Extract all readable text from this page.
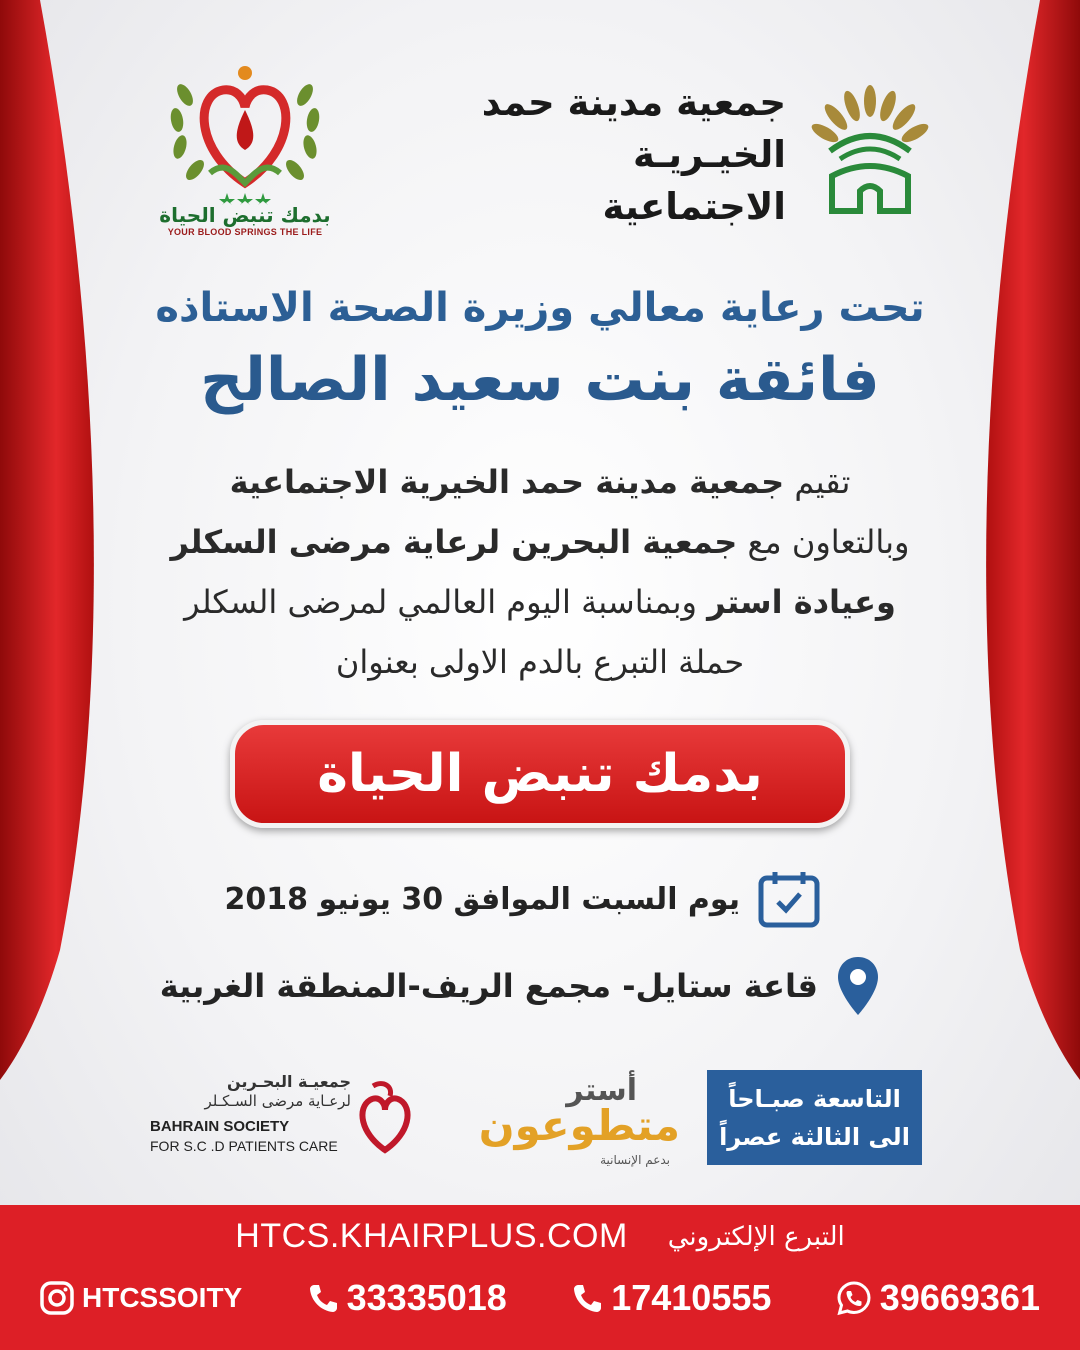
بدمك تنبض الحياة
YOUR BLOOD SPRINGS THE LIFE
جمعية مدينة حمد
الخيـريـة الاجتماعية
تحت رعاية معالي وزيرة الصحة الاستاذه
فائقة بنت سعيد الصالح
تقيم جمعية مدينة حمد الخيرية الاجتماعية
وبالتعاون مع جمعية البحرين لرعاية مرضى السكلر
وعيادة استر وبمناسبة اليوم العالمي لمرضى السكلر
حملة التبرع بالدم الاولى بعنوان
بدمك تنبض الحياة
يوم السبت الموافق 30 يونيو 2018
قاعة ستايل- مجمع الريف-المنطقة الغربية
التاسعة صبـاحاً
الى الثالثة عصراً
أستر
متطوعون
بدعم الإنسانية
جمعيـة البحـرين
لرعـاية مرضى السـكـلر
BAHRAIN SOCIETY
FOR S.C .D PATIENTS CARE
HTCS.KHAIRPLUS.COM التبرع الإلكتروني
HTCSSOITY	33335018	17410555	39669361
